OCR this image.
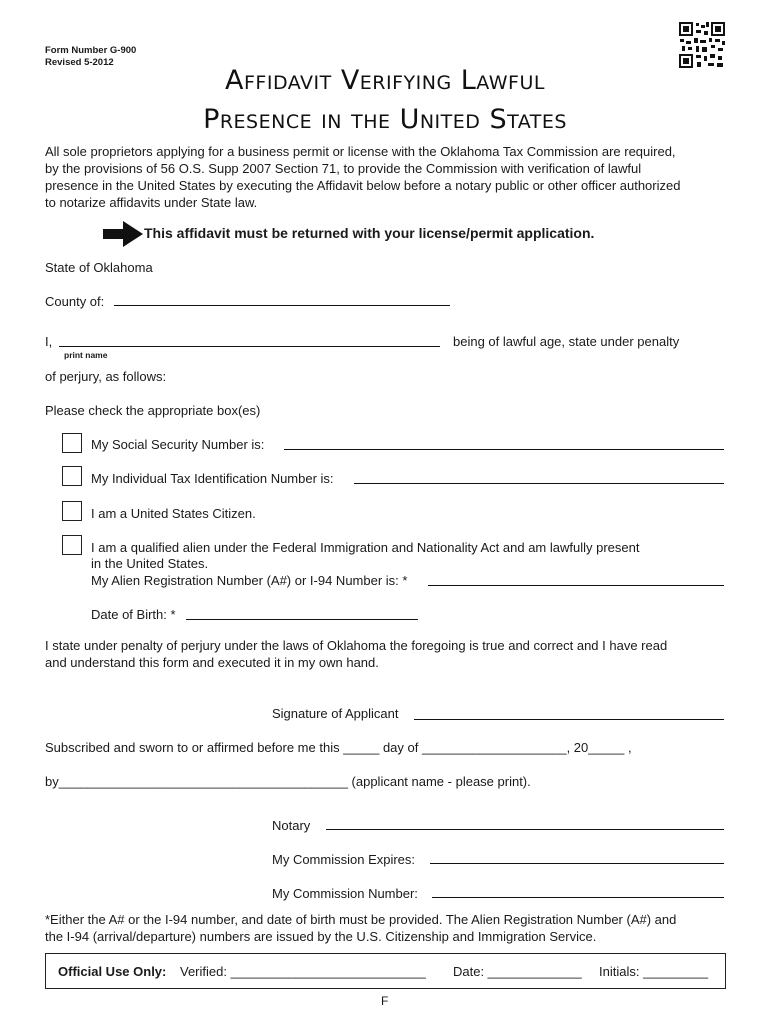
Form Number G-900
Revised 5-2012
Affidavit Verifying Lawful
Presence in the United States
All sole proprietors applying for a business permit or license with the Oklahoma Tax Commission are required,
by the provisions of 56 O.S. Supp 2007 Section 71, to provide the Commission with verification of lawful
presence in the United States by executing the Affidavit below before a notary public or other officer authorized
to notarize affidavits under State law.
This affidavit must be returned with your license/permit application.
State of Oklahoma
County of:
I,
print name
being of lawful age, state under penalty
of perjury, as follows:
Please check the appropriate box(es)
My Social Security Number is:
My Individual Tax Identification Number is:
I am a United States Citizen.
I am a qualified alien under the Federal Immigration and Nationality Act and am lawfully present
in the United States.
My Alien Registration Number (A#) or I-94 Number is: *
Date of Birth: *
I state under penalty of perjury under the laws of Oklahoma the foregoing is true and correct and I have read
and understand this form and executed it in my own hand.
Signature of Applicant
Subscribed and sworn to or affirmed before me this _____ day of ____________________, 20_____ ,
by________________________________________ (applicant name - please print).
Notary
My Commission Expires:
My Commission Number:
*Either the A# or the I-94 number, and date of birth must be provided. The Alien Registration Number (A#) and
the I-94 (arrival/departure) numbers are issued by the U.S. Citizenship and Immigration Service.
Official Use Only: Verified: ___________________________ Date: _____________ Initials: _________
F
